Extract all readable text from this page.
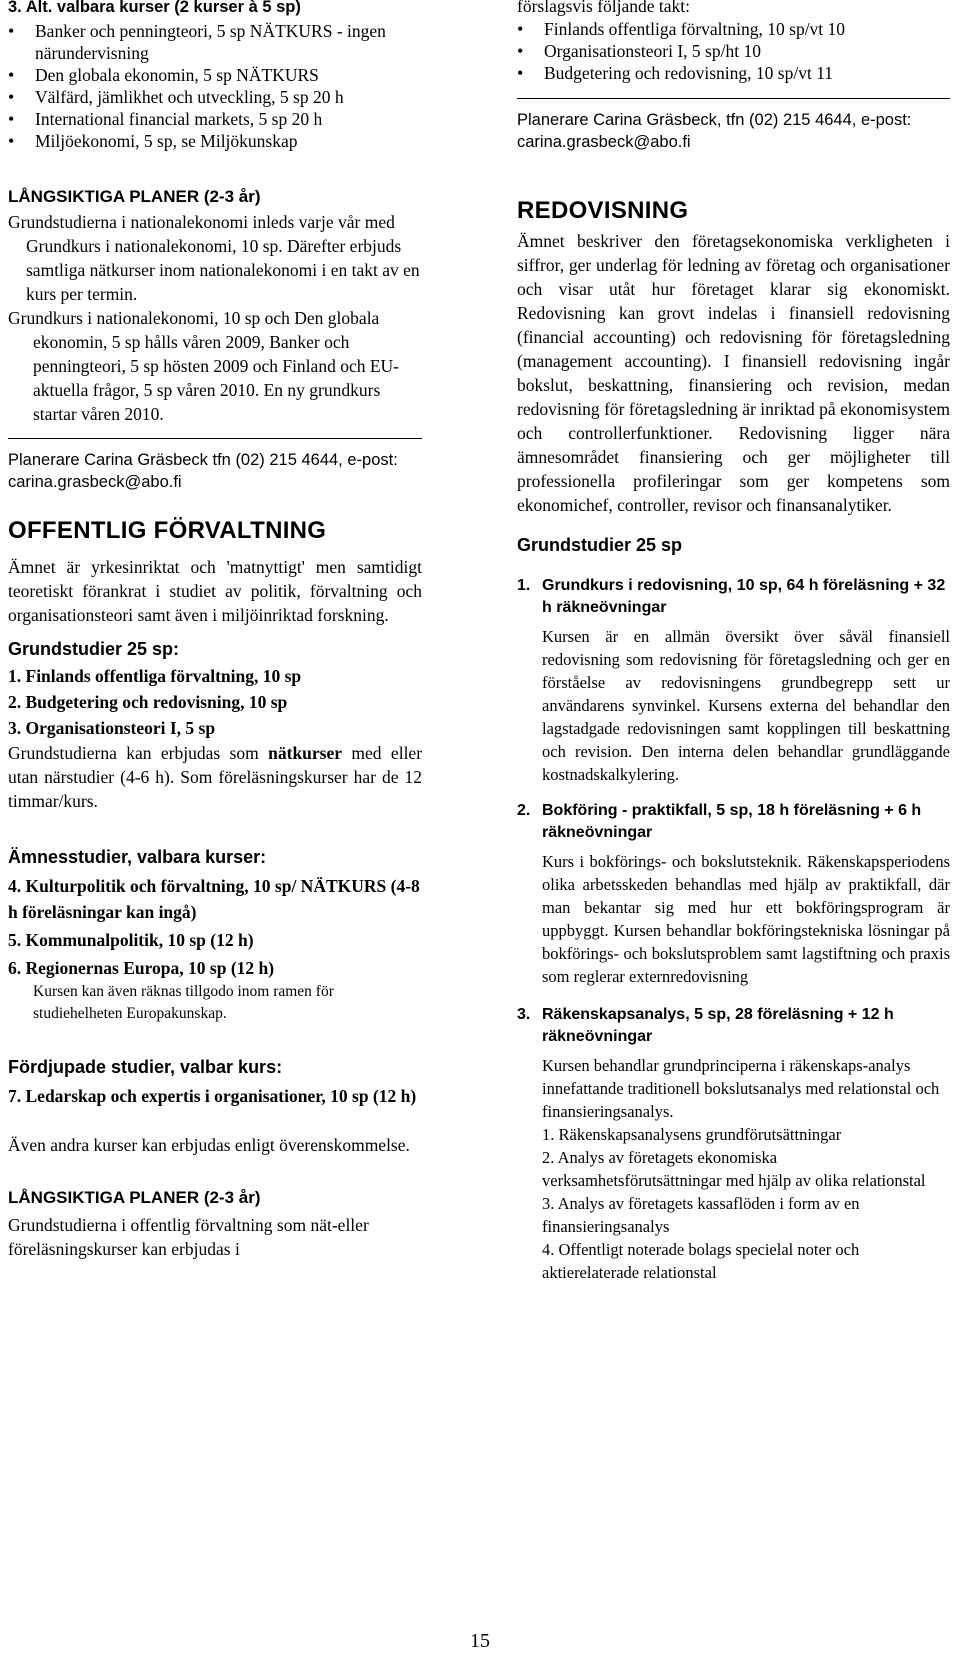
3. Alt. valbara kurser (2 kurser à 5 sp)

• Banker och penningteori, 5 sp NÄTKURS - ingen närundervisning
• Den globala ekonomin, 5 sp NÄTKURS
• Välfärd, jämlikhet och utveckling, 5 sp 20 h
• International financial markets, 5 sp 20 h
• Miljöekonomi, 5 sp, se Miljökunskap

LÅNGSIKTIGA PLANER (2-3 år)

Grundstudierna i nationalekonomi inleds varje vår med Grundkurs i nationalekonomi, 10 sp. Därefter erbjuds samtliga nätkurser inom nationalekonomi i en takt av en kurs per termin.

Grundkurs i nationalekonomi, 10 sp och Den globala ekonomin, 5 sp hålls våren 2009, Banker och penningteori, 5 sp hösten 2009 och Finland och EU-aktuella frågor, 5 sp våren 2010. En ny grundkurs startar våren 2010.

Planerare Carina Gräsbeck tfn (02) 215 4644, e-post: carina.grasbeck@abo.fi

OFFENTLIG FÖRVALTNING

Ämnet är yrkesinriktat och 'matnyttigt' men samtidigt teoretiskt förankrat i studiet av politik, förvaltning och organisationsteori samt även i miljöinriktad forskning.

Grundstudier 25 sp:

1. Finlands offentliga förvaltning, 10 sp

2. Budgetering och redovisning, 10 sp

3. Organisationsteori I, 5 sp

Grundstudierna kan erbjudas som nätkurser med eller utan närstudier (4-6 h). Som föreläsningskurser har de 12 timmar/kurs.

Ämnesstudier, valbara kurser:

4. Kulturpolitik och förvaltning, 10 sp/ NÄTKURS (4-8 h föreläsningar kan ingå)

5. Kommunalpolitik, 10 sp (12 h)

6. Regionernas Europa, 10 sp (12 h)

Kursen kan även räknas tillgodo inom ramen för studiehelheten Europakunskap.

Fördjupade studier, valbar kurs:

7. Ledarskap och expertis i organisationer, 10 sp (12 h)

Även andra kurser kan erbjudas enligt överenskommelse.

LÅNGSIKTIGA PLANER (2-3 år)

Grundstudierna i offentlig förvaltning som nät-eller föreläsningskurser kan erbjudas i

förslagsvis följande takt:

• Finlands offentliga förvaltning, 10 sp/vt 10
• Organisationsteori I, 5 sp/ht 10
• Budgetering och redovisning, 10 sp/vt 11

Planerare Carina Gräsbeck, tfn (02) 215 4644, e-post: carina.grasbeck@abo.fi

REDOVISNING

Ämnet beskriver den företagsekonomiska verkligheten i siffror, ger underlag för ledning av företag och organisationer och visar utåt hur företaget klarar sig ekonomiskt. Redovisning kan grovt indelas i finansiell redovisning (financial accounting) och redovisning för företagsledning (management accounting). I finansiell redovisning ingår bokslut, beskattning, finansiering och revision, medan redovisning för företagsledning är inriktad på ekonomisystem och controllerfunktioner. Redovisning ligger nära ämnesområdet finansiering och ger möjligheter till professionella profileringar som ger kompetens som ekonomichef, controller, revisor och finansanalytiker.

Grundstudier 25 sp

1. Grundkurs i redovisning, 10 sp, 64 h föreläsning + 32 h räkneövningar

Kursen är en allmän översikt över såväl finansiell redovisning som redovisning för företagsledning och ger en förståelse av redovisningens grundbegrepp sett ur användarens synvinkel. Kursens externa del behandlar den lagstadgade redovisningen samt kopplingen till beskattning och revision. Den interna delen behandlar grundläggande kostnadskalkylering.

2. Bokföring - praktikfall, 5 sp, 18 h föreläsning + 6 h räkneövningar

Kurs i bokförings- och bokslutsteknik. Räkenskapsperiodens olika arbetsskeden behandlas med hjälp av praktikfall, där man bekantar sig med hur ett bokföringsprogram är uppbyggt. Kursen behandlar bokföringstekniska lösningar på bokförings- och bokslutsproblem samt lagstiftning och praxis som reglerar externredovisning

3. Räkenskapsanalys, 5 sp, 28 föreläsning + 12 h räkneövningar

Kursen behandlar grundprinciperna i räkenskaps-analys innefattande traditionell bokslutsanalys med relationstal och finansieringsanalys.

1. Räkenskapsanalysens grundförutsättningar

2. Analys av företagets ekonomiska verksamhetsförutsättningar med hjälp av olika relationstal

3. Analys av företagets kassaflöden i form av en finansieringsanalys

4. Offentligt noterade bolags specielal noter och aktierelaterade relationstal

15
